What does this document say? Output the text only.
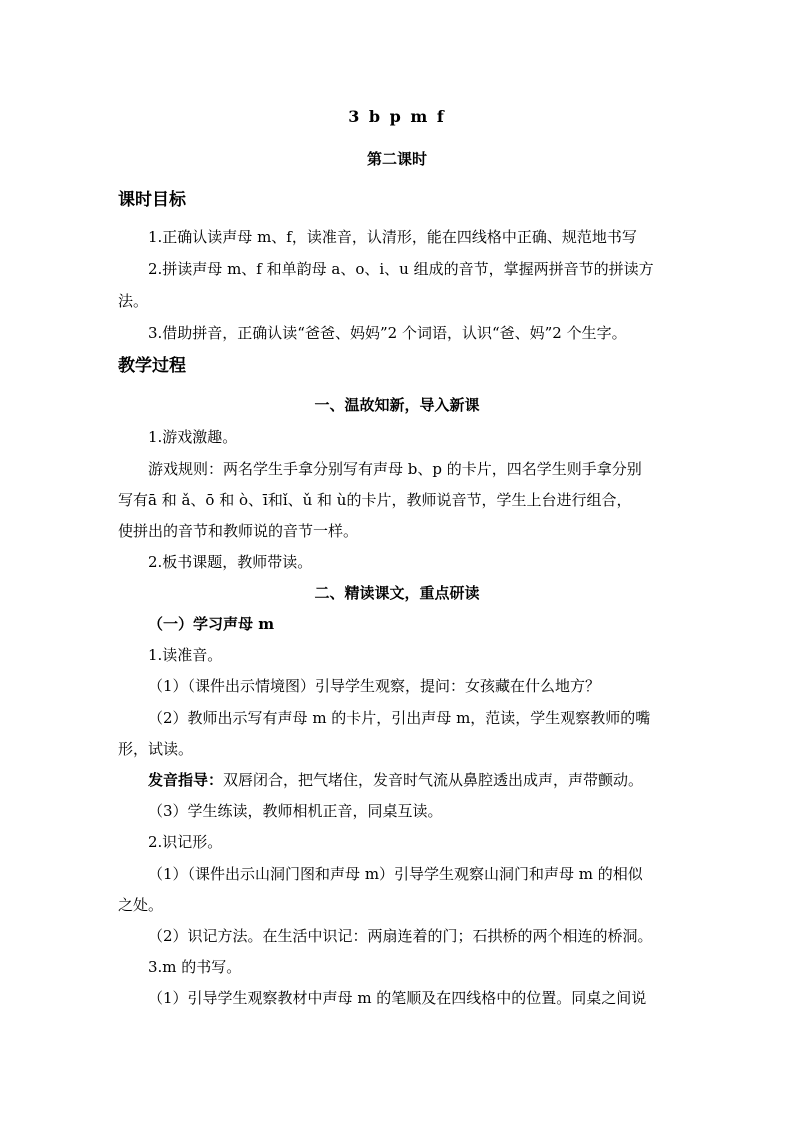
3 b p m f
第二课时
课时目标
1.正确认读声母 m、f，读准音，认清形，能在四线格中正确、规范地书写
2.拼读声母 m、f 和单韵母 a、o、i、u 组成的音节，掌握两拼音节的拼读方
法。
3.借助拼音，正确认读“爸爸、妈妈”2 个词语，认识“爸、妈”2 个生字。
教学过程
一、温故知新，导入新课
1.游戏激趣。
游戏规则：两名学生手拿分别写有声母 b、p 的卡片，四名学生则手拿分别
写有ā 和 ǎ、ō 和 ò、ī和ǐ、ǔ 和 ù的卡片，教师说音节，学生上台进行组合，
使拼出的音节和教师说的音节一样。
2.板书课题，教师带读。
二、精读课文，重点研读
（一）学习声母 m
1.读准音。
（1）（课件出示情境图）引导学生观察，提问：女孩藏在什么地方？
（2）教师出示写有声母 m 的卡片，引出声母 m，范读，学生观察教师的嘴
形，试读。
发音指导：双唇闭合，把气堵住，发音时气流从鼻腔透出成声，声带颤动。
（3）学生练读，教师相机正音，同桌互读。
2.识记形。
（1）（课件出示山洞门图和声母 m）引导学生观察山洞门和声母 m 的相似
之处。
（2）识记方法。在生活中识记：两扇连着的门；石拱桥的两个相连的桥洞。
3.m 的书写。
（1）引导学生观察教材中声母 m 的笔顺及在四线格中的位置。同桌之间说
